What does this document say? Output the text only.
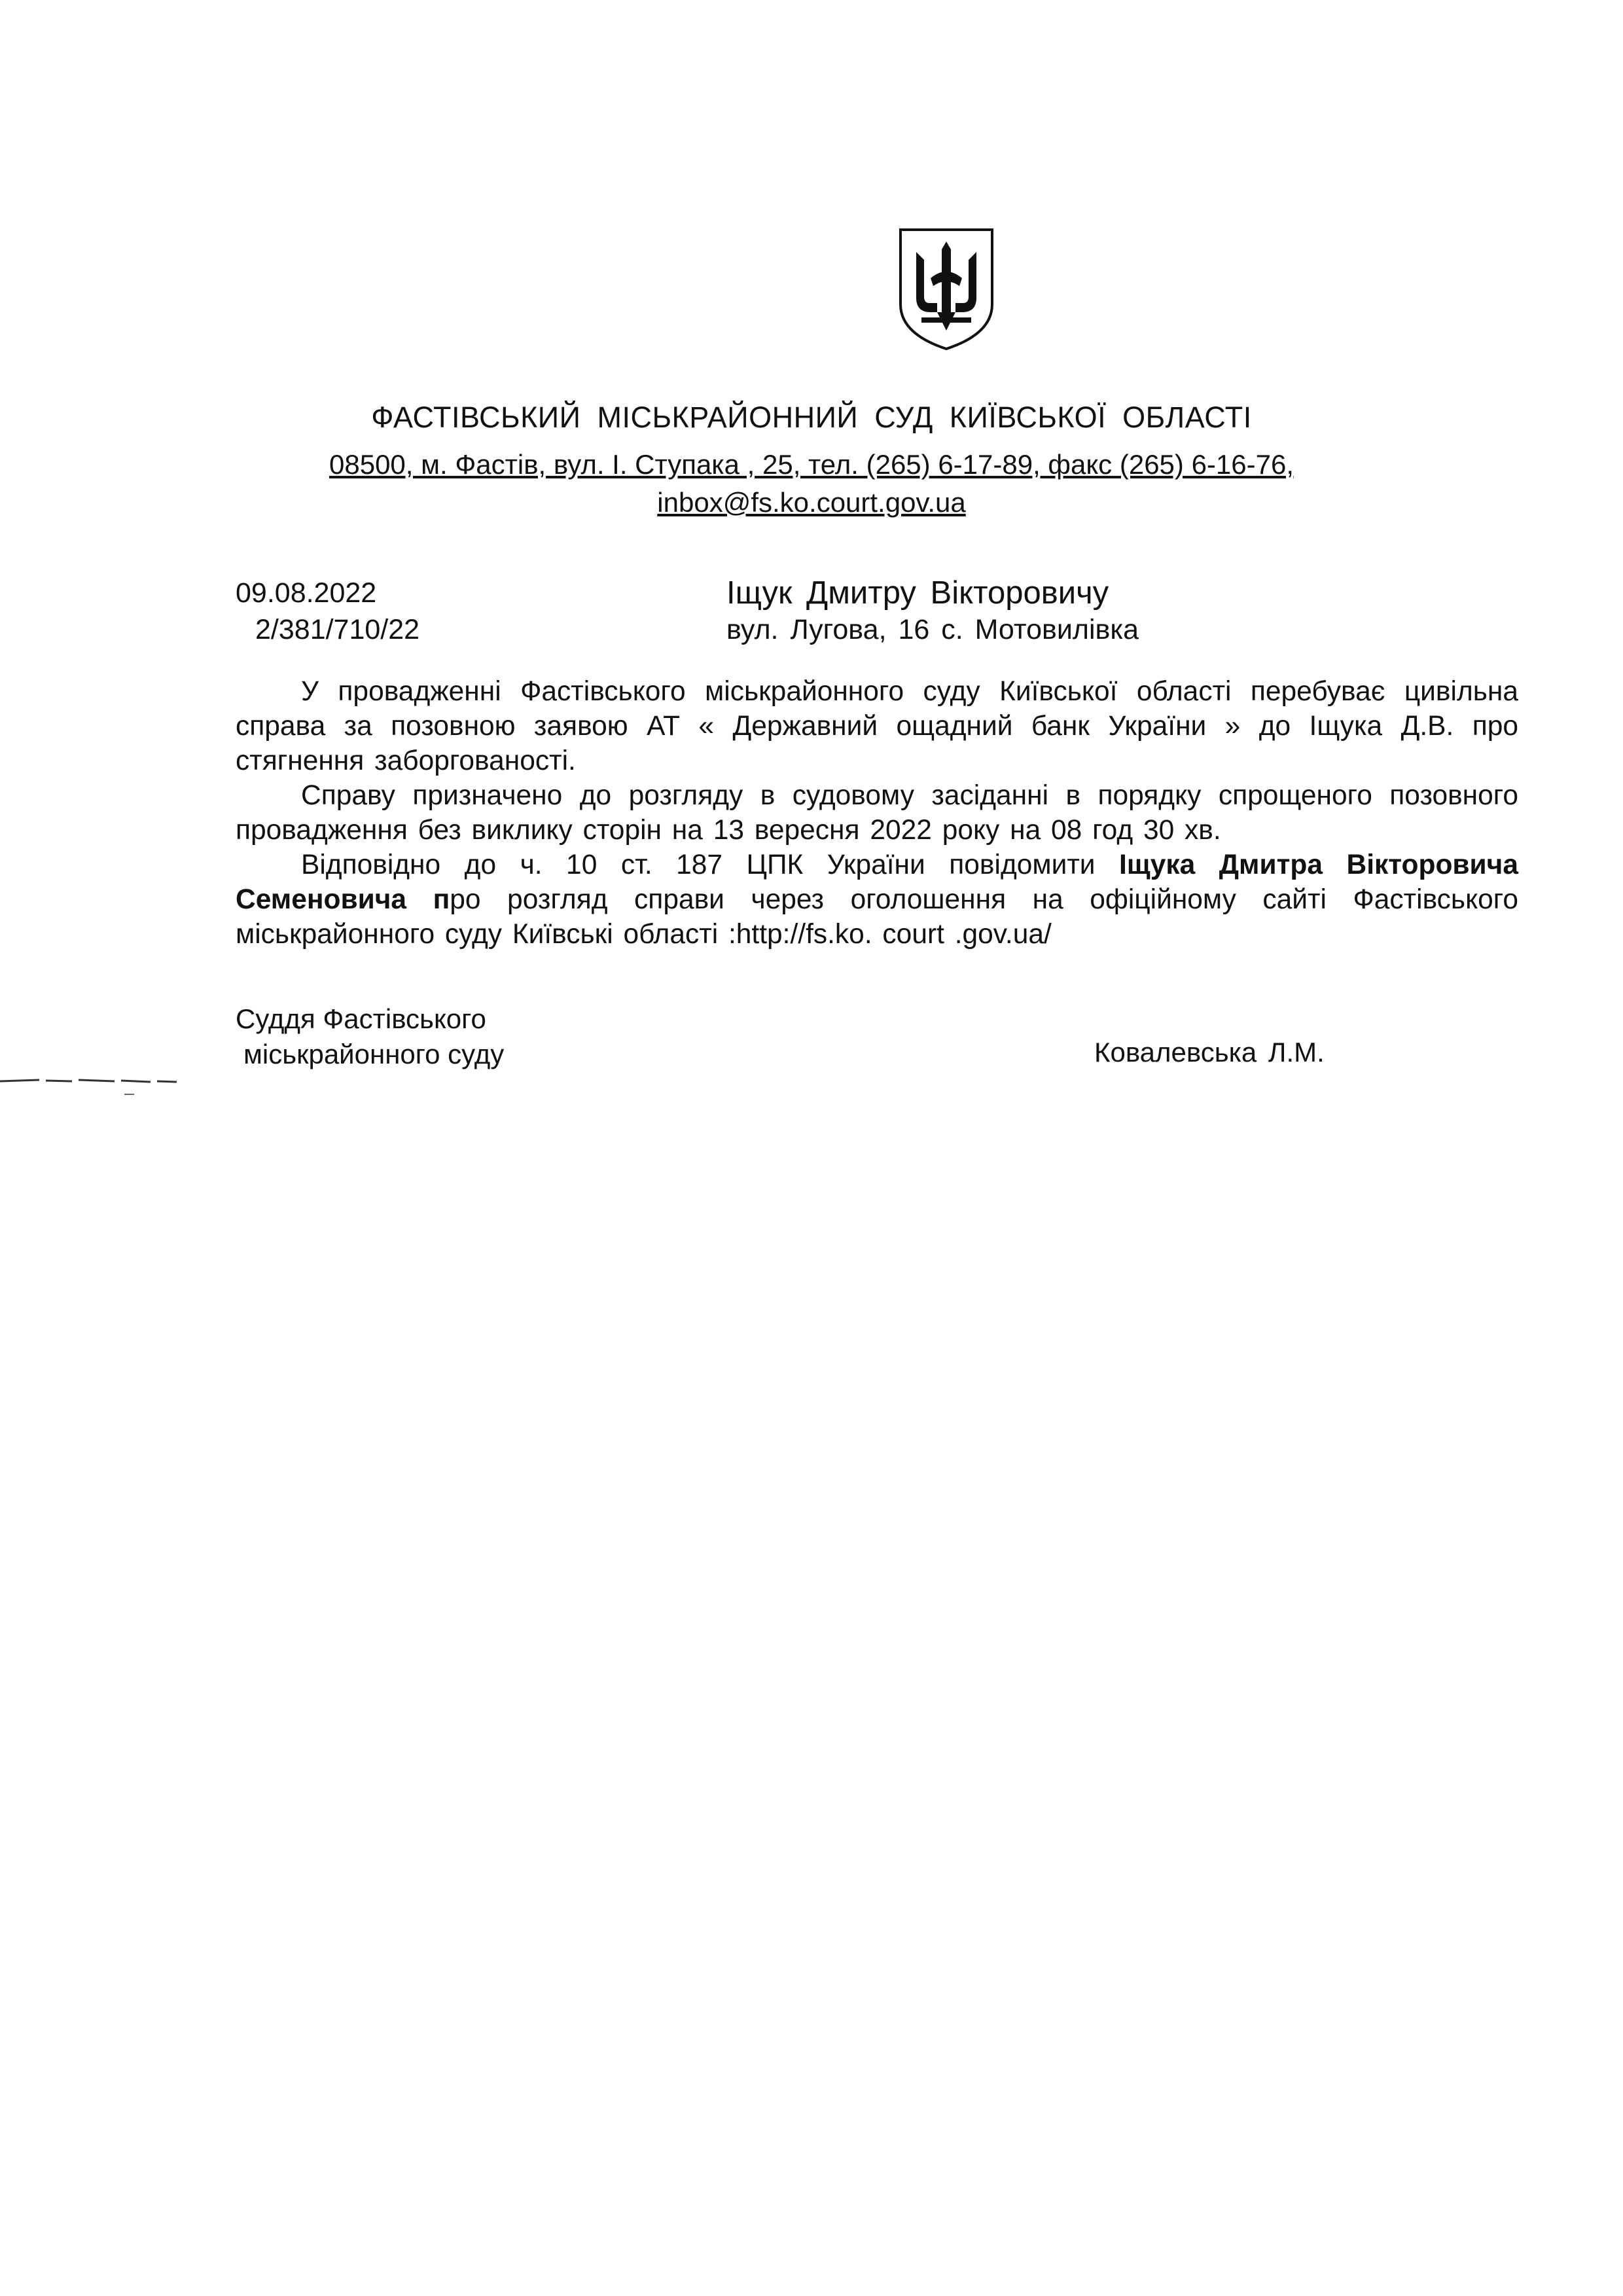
ФАСТІВСЬКИЙ МІСЬКРАЙОННИЙ СУД КИЇВСЬКОЇ ОБЛАСТІ
08500, м. Фастів, вул. І. Ступака , 25, тел. (265) 6-17-89, факс (265) 6-16-76,
inbox@fs.ko.court.gov.ua
09.08.2022
2/381/710/22
Іщук Дмитру Вікторовичу
вул. Лугова, 16 с. Мотовилівка

У провадженні Фастівського міськрайонного суду Київської області перебуває цивільна справа за позовною заявою АТ « Державний ощадний банк України » до Іщука Д.В. про стягнення заборгованості.

Справу призначено до розгляду в судовому засіданні в порядку спрощеного позовного провадження без виклику сторін на 13 вересня 2022 року на 08 год 30 хв.

Відповідно до ч. 10 ст. 187 ЦПК України повідомити Іщука Дмитра Вікторовича Семеновича про розгляд справи через оголошення на офіційному сайті Фастівського міськрайонного суду Київські області :http://fs.ko. court .gov.ua/

Суддя Фастівського
міськрайонного суду	Ковалевська Л.М.
